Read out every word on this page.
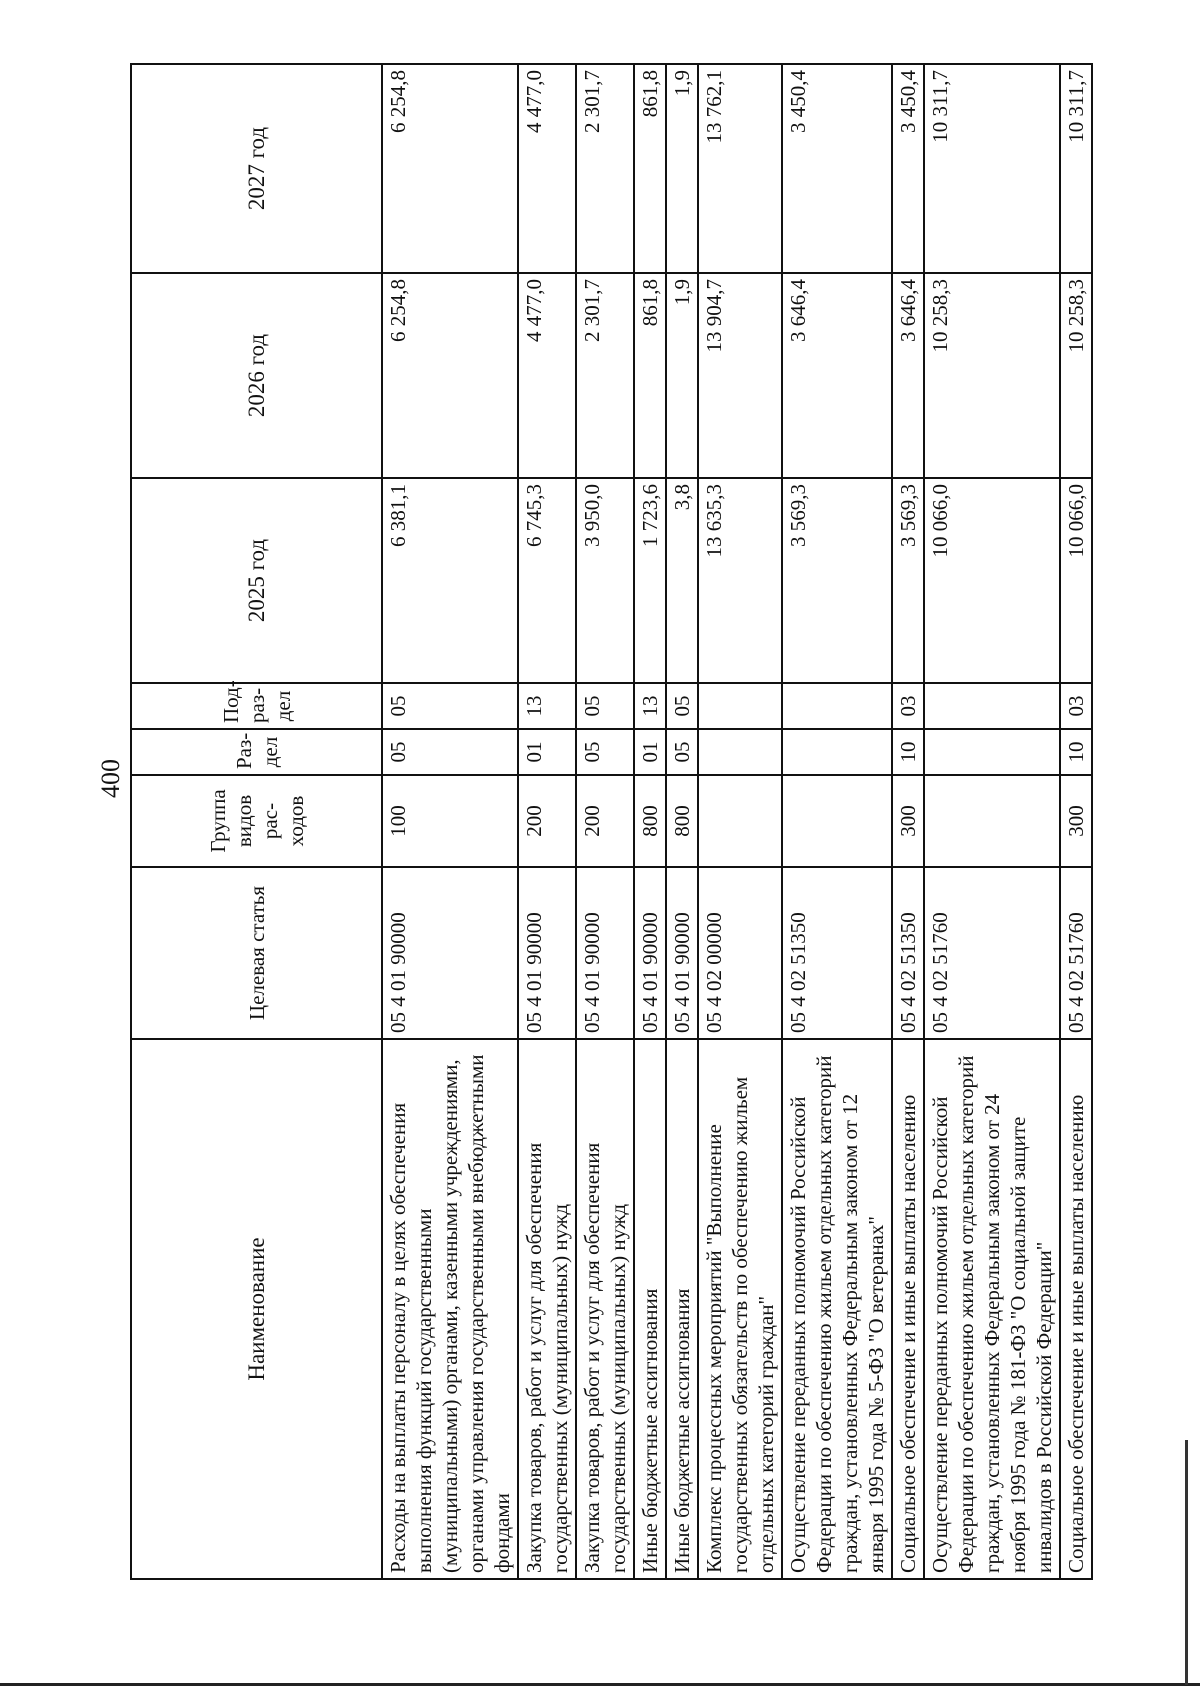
400
Наименование	Целевая статья	Группа видов рас-ходов	Раз-дел	Под-раз-дел	2025 год	2026 год	2027 год
Расходы на выплаты персоналу в целях обеспечения выполнения функций государственными (муниципальными) органами, казенными учреждениями, органами управления государственными внебюджетными фондами	05 4 01 90000	100	05	05	6 381,1	6 254,8	6 254,8
Закупка товаров, работ и услуг для обеспечения государственных (муниципальных) нужд	05 4 01 90000	200	01	13	6 745,3	4 477,0	4 477,0
Закупка товаров, работ и услуг для обеспечения государственных (муниципальных) нужд	05 4 01 90000	200	05	05	3 950,0	2 301,7	2 301,7
Иные бюджетные ассигнования	05 4 01 90000	800	01	13	1 723,6	861,8	861,8
Иные бюджетные ассигнования	05 4 01 90000	800	05	05	3,8	1,9	1,9
Комплекс процессных мероприятий "Выполнение государственных обязательств по обеспечению жильем отдельных категорий граждан"	05 4 02 00000				13 635,3	13 904,7	13 762,1
Осуществление переданных полномочий Российской Федерации по обеспечению жильем отдельных категорий граждан, установленных Федеральным законом от 12 января 1995 года № 5-ФЗ "О ветеранах"	05 4 02 51350				3 569,3	3 646,4	3 450,4
Социальное обеспечение и иные выплаты населению	05 4 02 51350	300	10	03	3 569,3	3 646,4	3 450,4
Осуществление переданных полномочий Российской Федерации по обеспечению жильем отдельных категорий граждан, установленных Федеральным законом от 24 ноября 1995 года № 181-ФЗ "О социальной защите инвалидов в Российской Федерации"	05 4 02 51760				10 066,0	10 258,3	10 311,7
Социальное обеспечение и иные выплаты населению	05 4 02 51760	300	10	03	10 066,0	10 258,3	10 311,7
